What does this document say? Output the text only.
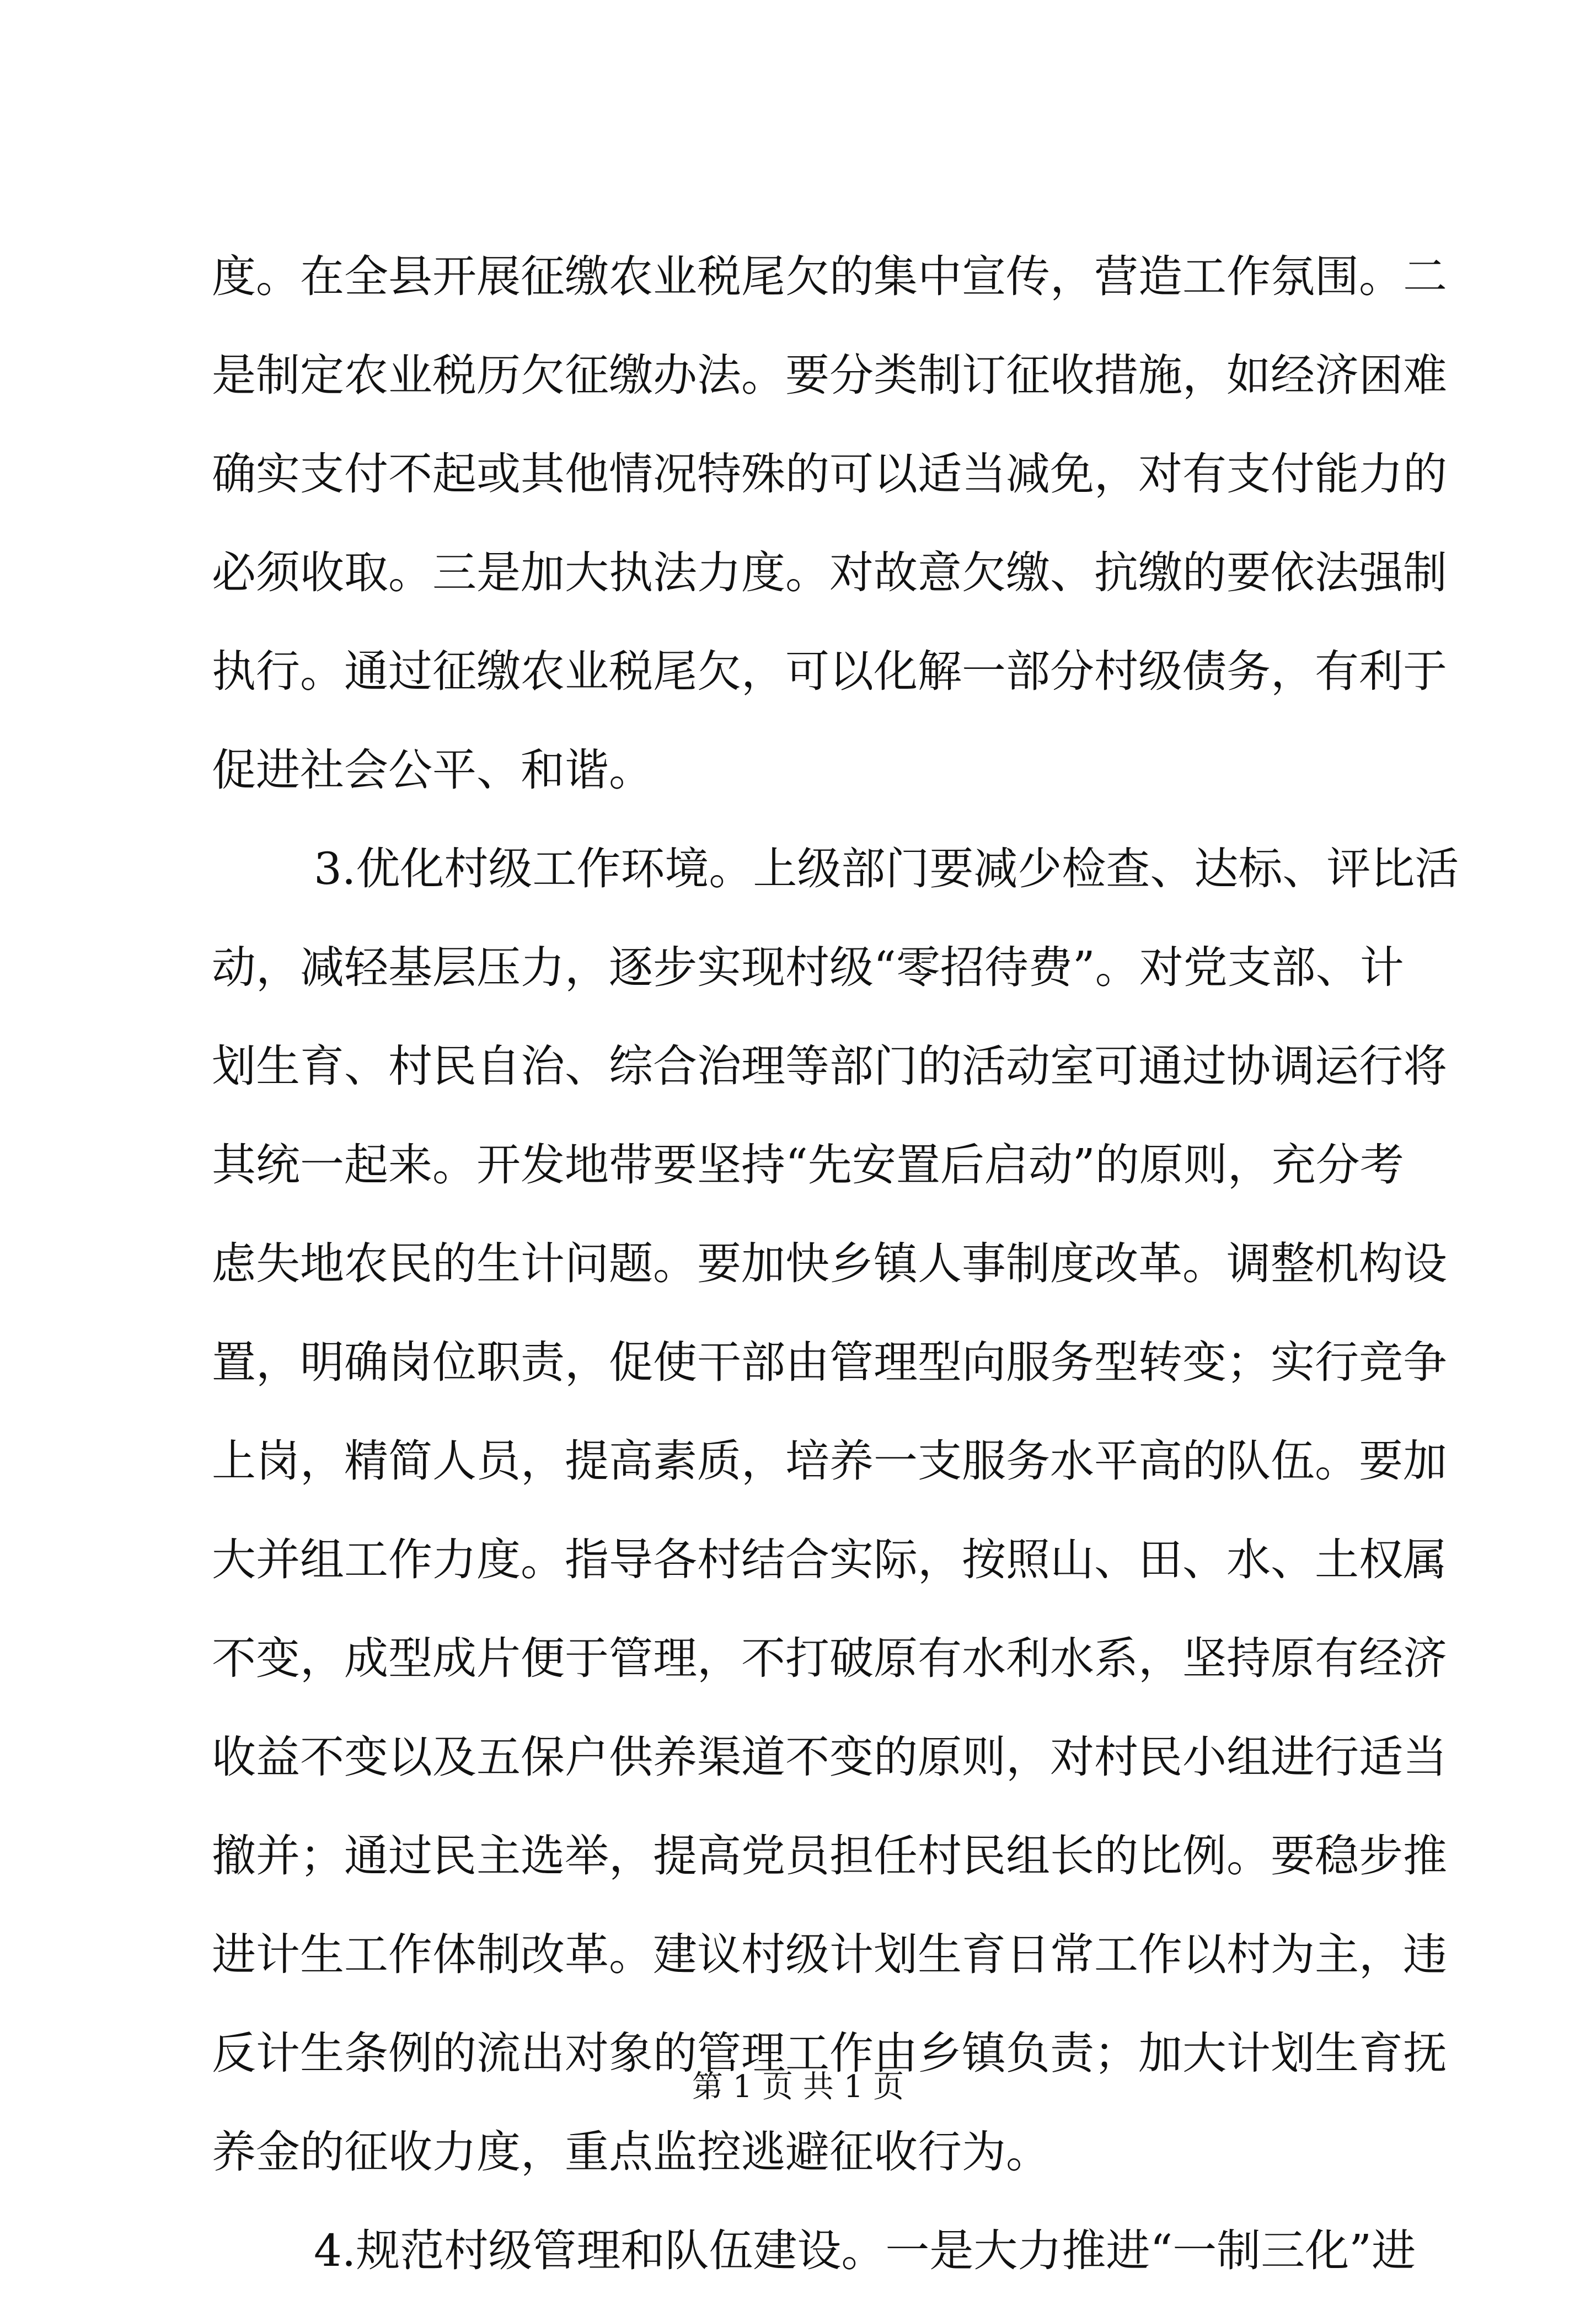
度。在全县开展征缴农业税尾欠的集中宣传，营造工作氛围。二
是制定农业税历欠征缴办法。要分类制订征收措施，如经济困难
确实支付不起或其他情况特殊的可以适当减免，对有支付能力的
必须收取。三是加大执法力度。对故意欠缴、抗缴的要依法强制
执行。通过征缴农业税尾欠，可以化解一部分村级债务，有利于
促进社会公平、和谐。
3.优化村级工作环境。上级部门要减少检查、达标、评比活
动，减轻基层压力，逐步实现村级“零招待费”。对党支部、计
划生育、村民自治、综合治理等部门的活动室可通过协调运行将
其统一起来。开发地带要坚持“先安置后启动”的原则，充分考
虑失地农民的生计问题。要加快乡镇人事制度改革。调整机构设
置，明确岗位职责，促使干部由管理型向服务型转变；实行竞争
上岗，精简人员，提高素质，培养一支服务水平高的队伍。要加
大并组工作力度。指导各村结合实际，按照山、田、水、土权属
不变，成型成片便于管理，不打破原有水利水系，坚持原有经济
收益不变以及五保户供养渠道不变的原则，对村民小组进行适当
撤并；通过民主选举，提高党员担任村民组长的比例。要稳步推
进计生工作体制改革。建议村级计划生育日常工作以村为主，违
反计生条例的流出对象的管理工作由乡镇负责；加大计划生育抚
养金的征收力度，重点监控逃避征收行为。
4.规范村级管理和队伍建设。一是大力推进“一制三化”进
第 1 页 共 1 页
